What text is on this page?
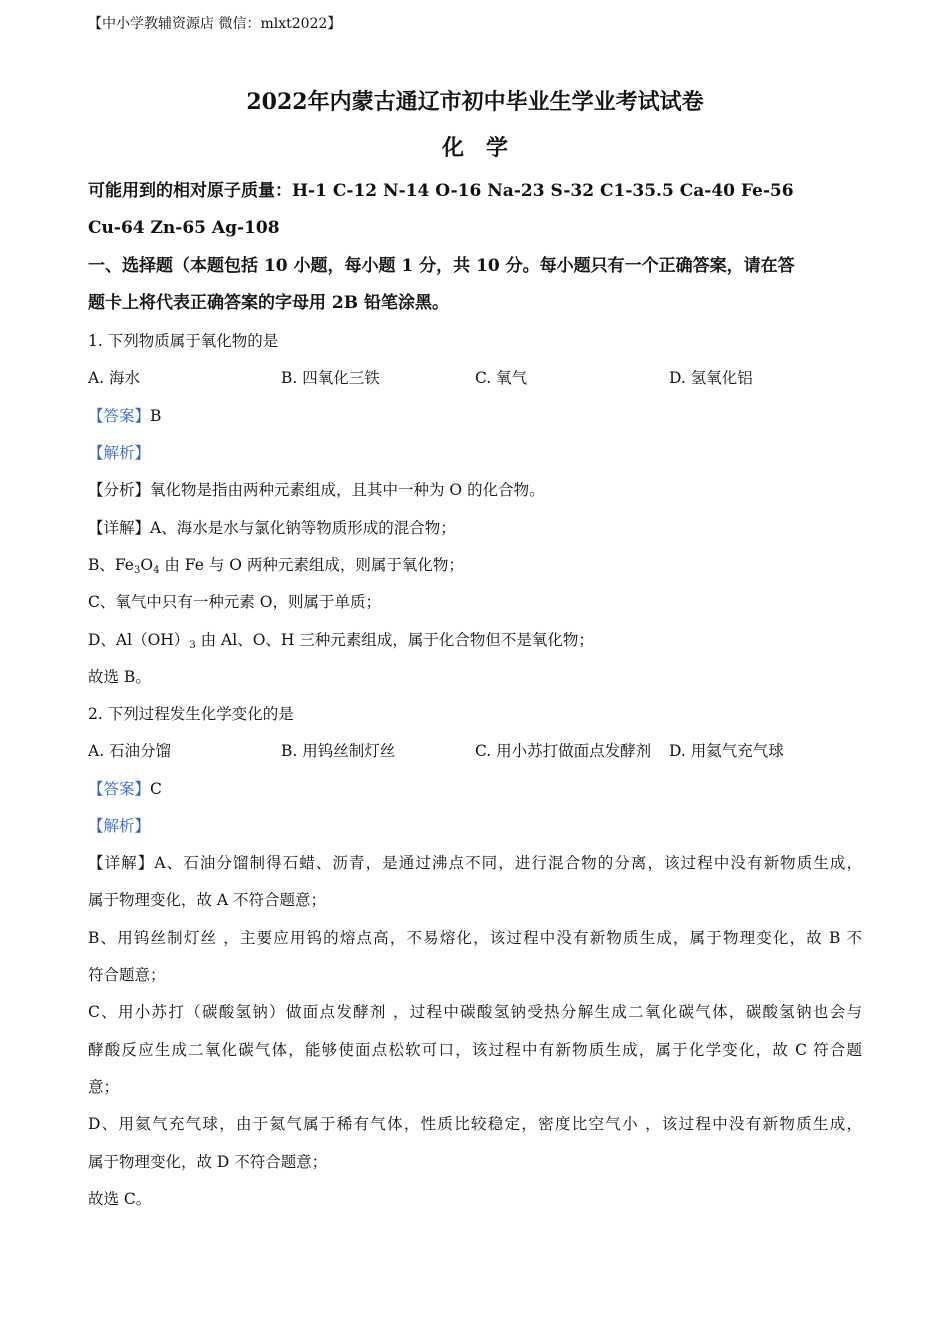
【中小学教辅资源店 微信：mlxt2022】
2022年内蒙古通辽市初中毕业生学业考试试卷
化学
可能用到的相对原子质量：H-1 C-12 N-14 O-16 Na-23 S-32 C1-35.5 Ca-40 Fe-56
Cu-64 Zn-65 Ag-108
一、选择题（本题包括 10 小题，每小题 1 分，共 10 分。每小题只有一个正确答案，请在答
题卡上将代表正确答案的字母用 2B 铅笔涂黑。
1. 下列物质属于氧化物的是
A. 海水	B. 四氧化三铁	C. 氧气	D. 氢氧化铝
【答案】B
【解析】
【分析】氧化物是指由两种元素组成，且其中一种为 O 的化合物。
【详解】A、海水是水与氯化钠等物质形成的混合物；
B、$Fe_3O_4$ 由 Fe 与 O 两种元素组成，则属于氧化物；
C、氧气中只有一种元素 O，则属于单质；
D、$Al(OH)_3$ 由 Al、O、H 三种元素组成，属于化合物但不是氧化物；
故选 B。
2. 下列过程发生化学变化的是
A. 石油分馏	B. 用钨丝制灯丝	C. 用小苏打做面点发酵剂 D. 用氦气充气球
【答案】C
【解析】
【详解】A、石油分馏制得石蜡、沥青，是通过沸点不同，进行混合物的分离，该过程中没有新物质生成，
属于物理变化，故 A 不符合题意；
B、用钨丝制灯丝 ，主要应用钨的熔点高，不易熔化，该过程中没有新物质生成，属于物理变化，故 B 不
符合题意；
C、用小苏打（碳酸氢钠）做面点发酵剂 ，过程中碳酸氢钠受热分解生成二氧化碳气体，碳酸氢钠也会与
酵酸反应生成二氧化碳气体，能够使面点松软可口，该过程中有新物质生成，属于化学变化，故 C 符合题
意；
D、用氦气充气球，由于氦气属于稀有气体，性质比较稳定，密度比空气小 ，该过程中没有新物质生成，
属于物理变化，故 D 不符合题意；
故选 C。
